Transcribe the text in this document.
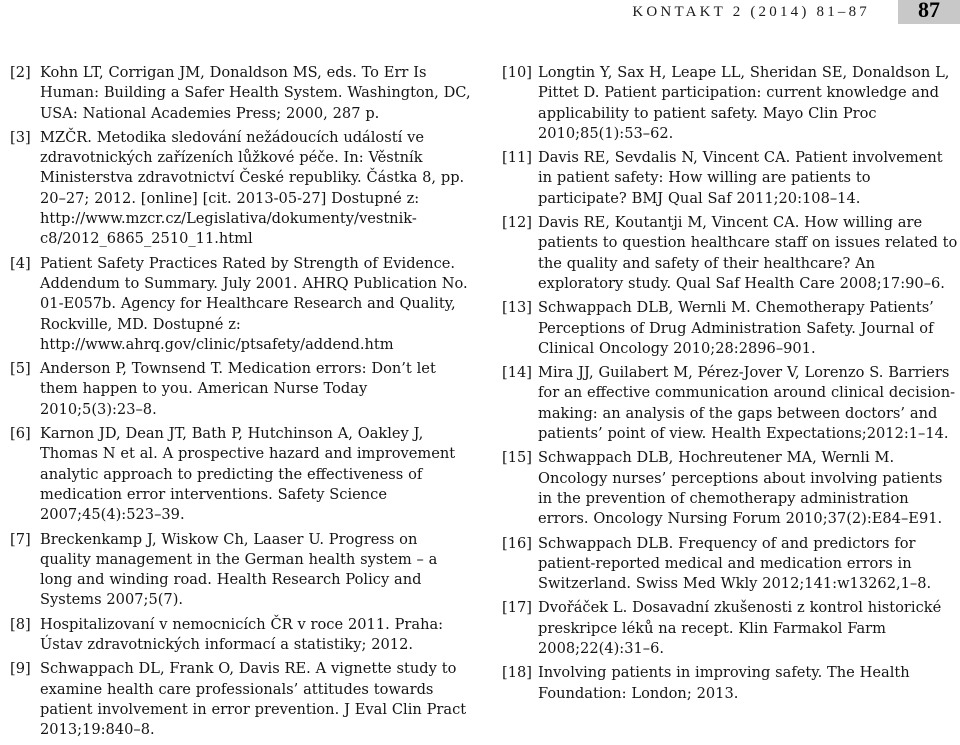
KONTAKT 2 (2014) 81–87	87
[2] Kohn LT, Corrigan JM, Donaldson MS, eds. To Err Is Human: Building a Safer Health System. Washington, DC, USA: National Academies Press; 2000, 287 p.
[3] MZČR. Metodika sledování nežádoucích událostí ve zdravotnických zařízeních lůžkové péče. In: Věstník Ministerstva zdravotnictví České republiky. Částka 8, pp. 20–27; 2012. [online] [cit. 2013-05-27] Dostupné z: http://www.mzcr.cz/Legislativa/dokumenty/vestnik-c8/2012_6865_2510_11.html
[4] Patient Safety Practices Rated by Strength of Evidence. Addendum to Summary. July 2001. AHRQ Publication No. 01-E057b. Agency for Healthcare Research and Quality, Rockville, MD. Dostupné z: http://www.ahrq.gov/clinic/ptsafety/addend.htm
[5] Anderson P, Townsend T. Medication errors: Don’t let them happen to you. American Nurse Today 2010;5(3):23–8.
[6] Karnon JD, Dean JT, Bath P, Hutchinson A, Oakley J, Thomas N et al. A prospective hazard and improvement analytic approach to predicting the effectiveness of medication error interventions. Safety Science 2007;45(4):523–39.
[7] Breckenkamp J, Wiskow Ch, Laaser U. Progress on quality management in the German health system – a long and winding road. Health Research Policy and Systems 2007;5(7).
[8] Hospitalizovaní v nemocnicích ČR v roce 2011. Praha: Ústav zdravotnických informací a statistiky; 2012.
[9] Schwappach DL, Frank O, Davis RE. A vignette study to examine health care professionals’ attitudes towards patient involvement in error prevention. J Eval Clin Pract 2013;19:840–8.
[10] Longtin Y, Sax H, Leape LL, Sheridan SE, Donaldson L, Pittet D. Patient participation: current knowledge and applicability to patient safety. Mayo Clin Proc 2010;85(1):53–62.
[11] Davis RE, Sevdalis N, Vincent CA. Patient involvement in patient safety: How willing are patients to participate? BMJ Qual Saf 2011;20:108–14.
[12] Davis RE, Koutantji M, Vincent CA. How willing are patients to question healthcare staff on issues related to the quality and safety of their healthcare? An exploratory study. Qual Saf Health Care 2008;17:90–6.
[13] Schwappach DLB, Wernli M. Chemotherapy Patients’ Perceptions of Drug Administration Safety. Journal of Clinical Oncology 2010;28:2896–901.
[14] Mira JJ, Guilabert M, Pérez-Jover V, Lorenzo S. Barriers for an effective communication around clinical decision-making: an analysis of the gaps between doctors’ and patients’ point of view. Health Expectations;2012:1–14.
[15] Schwappach DLB, Hochreutener MA, Wernli M. Oncology nurses’ perceptions about involving patients in the prevention of chemotherapy administration errors. Oncology Nursing Forum 2010;37(2):E84–E91.
[16] Schwappach DLB. Frequency of and predictors for patient-reported medical and medication errors in Switzerland. Swiss Med Wkly 2012;141:w13262,1–8.
[17] Dvořáček L. Dosavadní zkušenosti z kontrol historické preskripce léků na recept. Klin Farmakol Farm 2008;22(4):31–6.
[18] Involving patients in improving safety. The Health Foundation: London; 2013.
